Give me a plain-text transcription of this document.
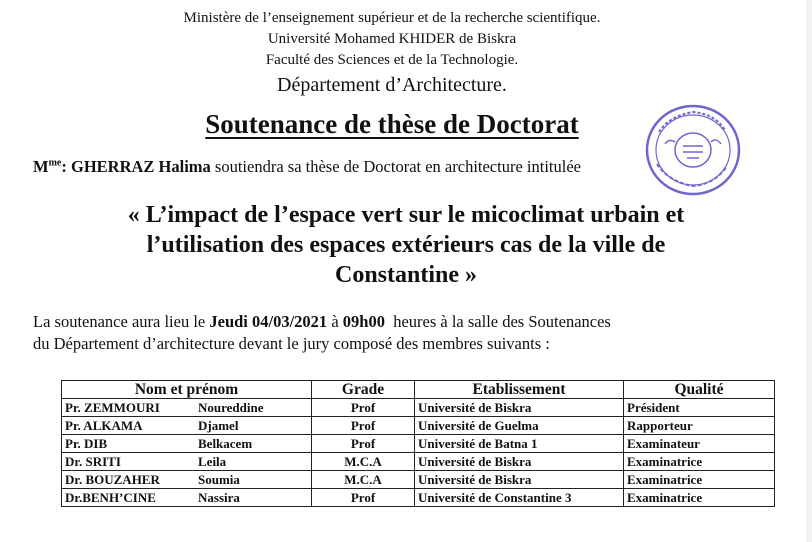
Ministère de l’enseignement supérieur et de la recherche scientifique.
Université Mohamed KHIDER de Biskra
Faculté des Sciences et de la Technologie.
Département d’Architecture.
Soutenance de thèse de Doctorat
$M^{me}$: GHERRAZ Halima soutiendra sa thèse de Doctorat en architecture intitulée
« L’impact de l’espace vert sur le micoclimat urbain et
l’utilisation des espaces extérieurs cas de la ville de
Constantine »
La soutenance aura lieu le Jeudi 04/03/2021 à 09h00 heures à la salle des Soutenances
du Département d’architecture devant le jury composé des membres suivants :
Nom et prénom	Grade	Etablissement	Qualité

Pr. ZEMMOURI Noureddine	Prof	Université de Biskra	Président

Pr. ALKAMA Djamel	Prof	Université de Guelma	Rapporteur

Pr. DIB Belkacem	Prof	Université de Batna 1	Examinateur

Dr. SRITI Leila	M.C.A	Université de Biskra	Examinatrice

Dr. BOUZAHER Soumia	M.C.A	Université de Biskra	Examinatrice

Dr.BENH’CINE Nassira	Prof	Université de Constantine 3	Examinatrice
